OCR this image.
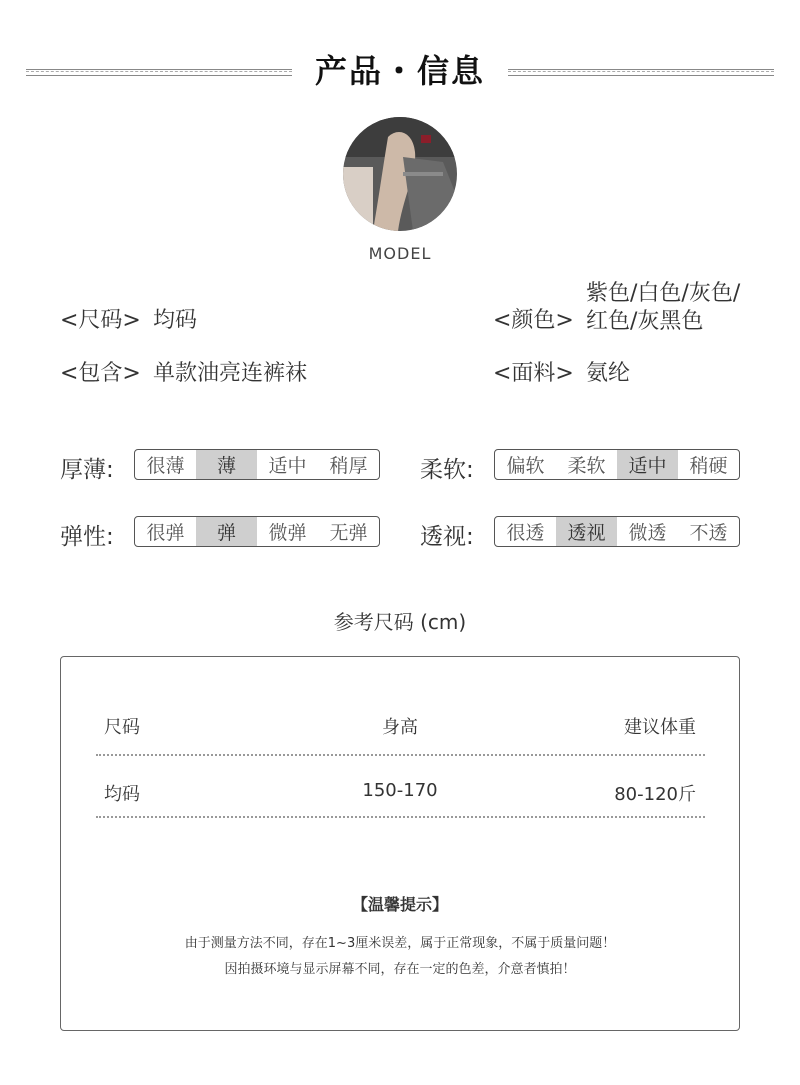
产品・信息
MODEL
<尺码> 均码	<颜色>
紫色/白色/灰色/
红色/灰黑色
<包含> 单款油亮连裤袜	<面料> 氨纶
厚薄:	很薄	薄	适中	稍厚	柔软:	偏软	柔软	适中	稍硬
弹性:	很弹	弹	微弹	无弹	透视:	很透	透视	微透	不透
参考尺码 (cm)
尺码	身高	建议体重
均码	150-170	80-120斤
【温馨提示】
由于测量方法不同，存在1~3厘米误差，属于正常现象，不属于质量问题！
因拍摄环境与显示屏幕不同，存在一定的色差，介意者慎拍！
